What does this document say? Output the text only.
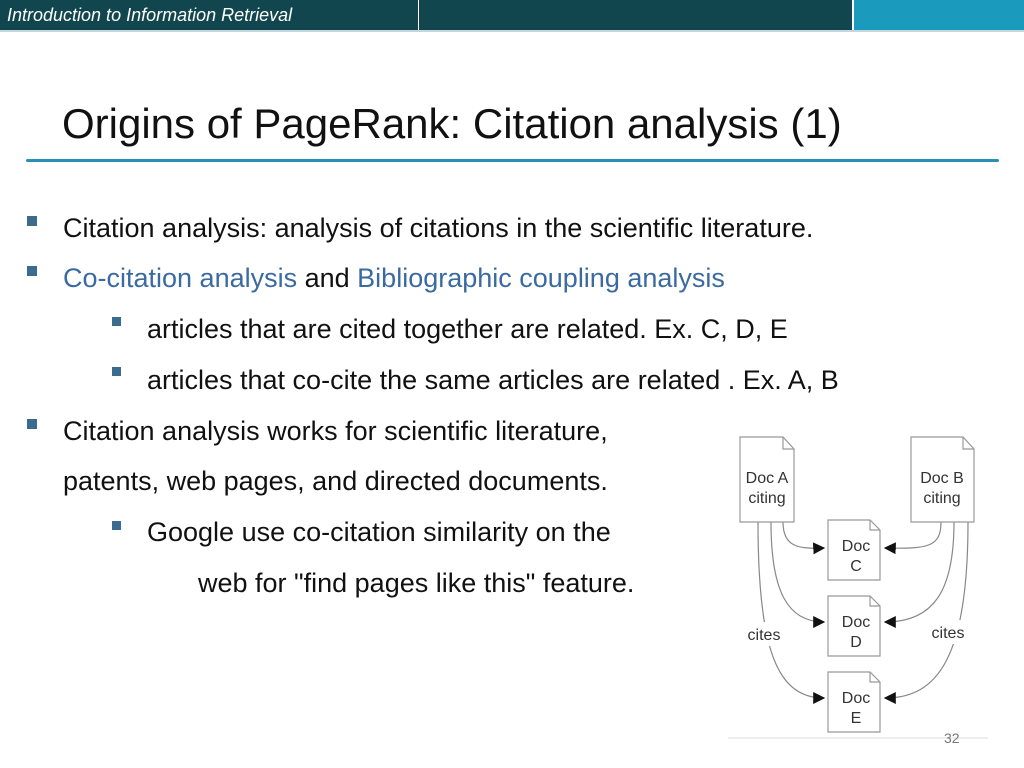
Introduction to Information Retrieval
Origins of PageRank: Citation analysis (1)
Citation analysis: analysis of citations in the scientific literature.
Co-citation analysis and Bibliographic coupling analysis
articles that are cited together are related. Ex. C, D, E
articles that co-cite the same articles are related . Ex. A, B
Citation analysis works for scientific literature,
patents, web pages, and directed documents.
Google use co-citation similarity on the
web for "find pages like this" feature.
Doc A
citing
Doc B
citing
Doc
C
Doc
D
Doc
E
cites	cites
32
